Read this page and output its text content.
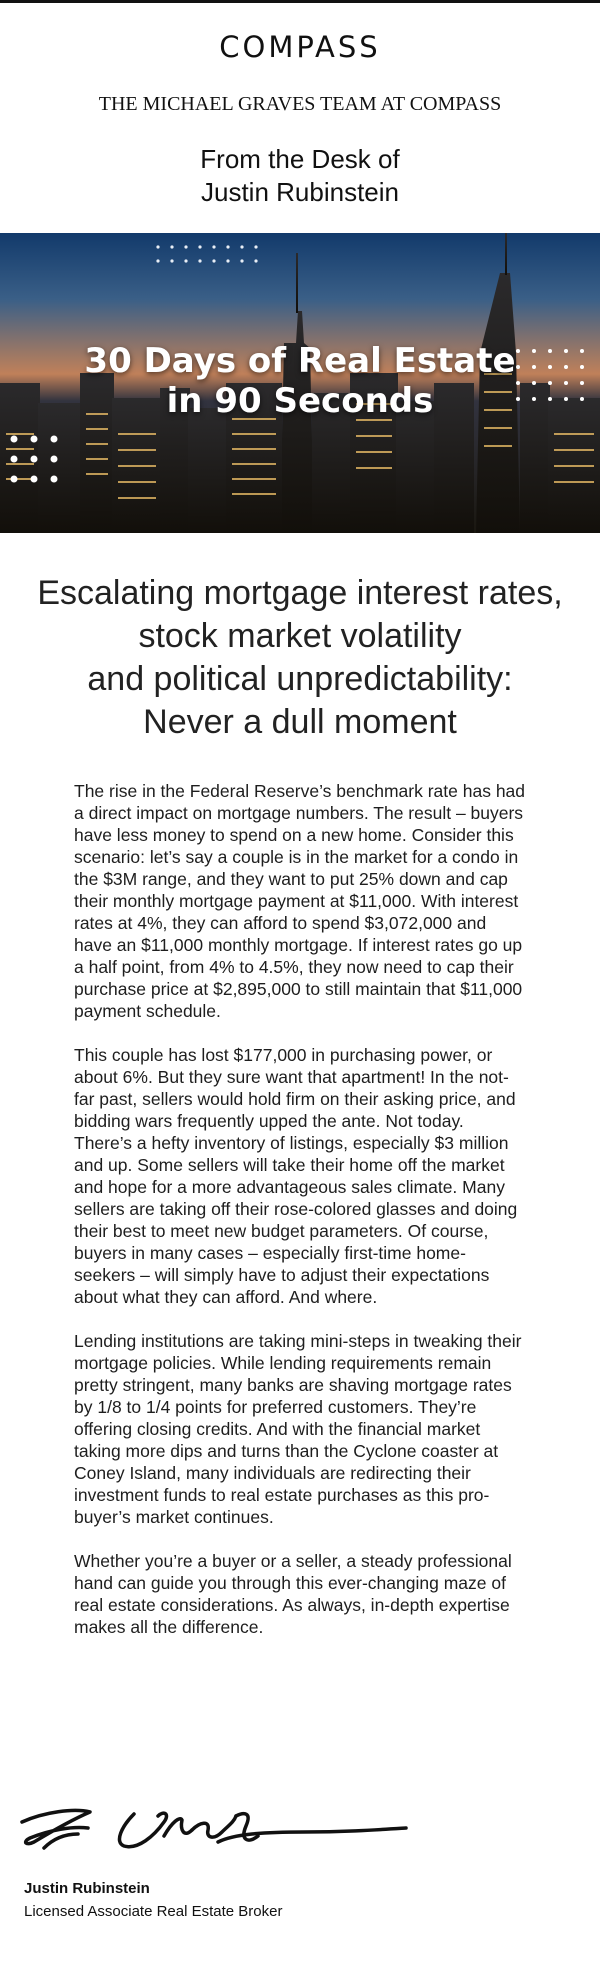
COMPASS
THE MICHAEL GRAVES TEAM AT COMPASS
From the Desk of
Justin Rubinstein
30 Days of Real Estate
in 90 Seconds
Escalating mortgage interest rates,
stock market volatility
and political unpredictability:
Never a dull moment

The rise in the Federal Reserve’s benchmark rate has had a direct impact on mortgage numbers. The result – buyers have less money to spend on a new home. Consider this scenario: let’s say a couple is in the market for a condo in the $3M range, and they want to put 25% down and cap their monthly mortgage payment at $11,000. With interest rates at 4%, they can afford to spend $3,072,000 and have an $11,000 monthly mortgage. If interest rates go up a half point, from 4% to 4.5%, they now need to cap their purchase price at $2,895,000 to still maintain that $11,000 payment schedule.

This couple has lost $177,000 in purchasing power, or about 6%. But they sure want that apartment! In the not-far past, sellers would hold firm on their asking price, and bidding wars frequently upped the ante. Not today. There’s a hefty inventory of listings, especially $3 million and up. Some sellers will take their home off the market and hope for a more advantageous sales climate. Many sellers are taking off their rose-colored glasses and doing their best to meet new budget parameters. Of course, buyers in many cases – especially first-time home-seekers – will simply have to adjust their expectations about what they can afford. And where.

Lending institutions are taking mini-steps in tweaking their mortgage policies. While lending requirements remain pretty stringent, many banks are shaving mortgage rates by 1/8 to 1/4 points for preferred customers. They’re offering closing credits. And with the financial market taking more dips and turns than the Cyclone coaster at Coney Island, many individuals are redirecting their investment funds to real estate purchases as this pro-buyer’s market continues.

Whether you’re a buyer or a seller, a steady professional hand can guide you through this ever-changing maze of real estate considerations. As always, in-depth expertise makes all the difference.

Justin Rubinstein
Licensed Associate Real Estate Broker
